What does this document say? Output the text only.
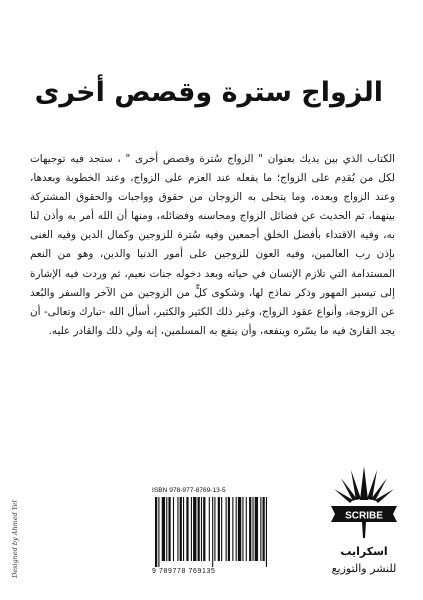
الزواج سترة وقصص أخرى
الكتاب الذي بين يديك بعنوان " الزواج سُترة وقصص أخرى " ، ستجد فيه توجيهات لكل من يُقدِم على الزواج؛ ما يفعله عند العزم على الزواج، وعند الخطوبة وبعدها، وعند الزواج وبعده، وما يتحلى به الزوجان من حقوق وواجبات والحقوق المشتركة بينهما، ثم الحديث عن فضائل الزواج ومحاسنه وفضائله، ومنها أن الله أمر به وأذن لنا به، وفيه الاقتداء بأفضل الخلق أجمعين وفيه سُترة للزوجين وكمال الدين وفيه الغنى بإذن رب العالمين، وفيه العون للزوجين على أمور الدنيا والدين، وهو من النعم المستدامة التي تلازم الإنسان في حياته وبعد دخوله جنات نعيم، ثم وردت فيه الإشارة إلى تيسير المهور وذكر نماذج لها، وشكوى كلٍّ من الزوجين من الآخر والسفر والبُعد عن الزوجة، وأنواع عقود الزواج، وغير ذلك الكثير والكثير، أسأل الله -تبارك وتعالى- أن يجد القارئ فيه ما يسّره وينفعه، وأن ينفع به المسلمين، إنه ولي ذلك والقادر عليه.
ISBN 978-977-8769-13-5
9 789778 769135
SCRIBE
اسكرايب
للنشر والتوزيع
Designed by Ahmed Yehia
